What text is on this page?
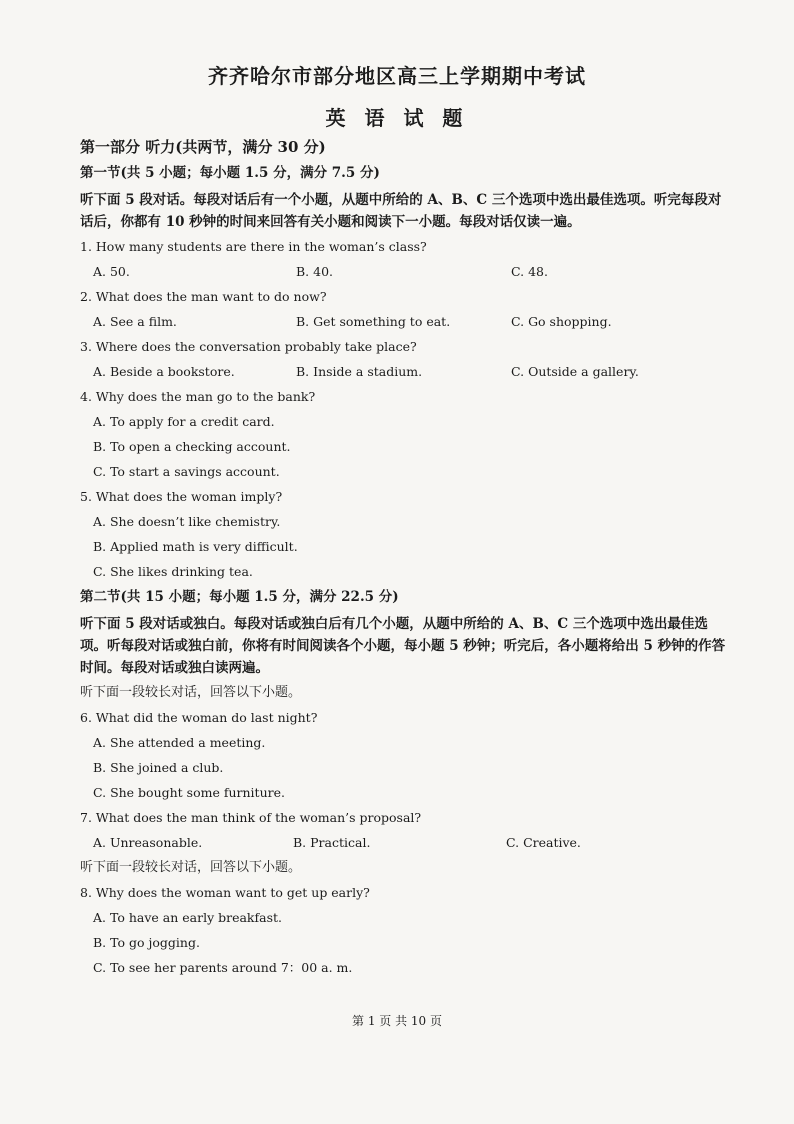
齐齐哈尔市部分地区高三上学期期中考试
英 语 试 题
第一部分 听力(共两节，满分 30 分)
第一节(共 5 小题；每小题 1.5 分，满分 7.5 分)
听下面 5 段对话。每段对话后有一个小题，从题中所给的 A、B、C 三个选项中选出最佳选项。听完每段对话后，你都有 10 秒钟的时间来回答有关小题和阅读下一小题。每段对话仅读一遍。
1. How many students are there in the woman’s class?
A. 50.	B. 40.	C. 48.
2. What does the man want to do now?
A. See a film.	B. Get something to eat.	C. Go shopping.
3. Where does the conversation probably take place?
A. Beside a bookstore.	B. Inside a stadium.	C. Outside a gallery.
4. Why does the man go to the bank?
A. To apply for a credit card.
B. To open a checking account.
C. To start a savings account.
5. What does the woman imply?
A. She doesn’t like chemistry.
B. Applied math is very difficult.
C. She likes drinking tea.
第二节(共 15 小题；每小题 1.5 分，满分 22.5 分)
听下面 5 段对话或独白。每段对话或独白后有几个小题，从题中所给的 A、B、C 三个选项中选出最佳选项。听每段对话或独白前，你将有时间阅读各个小题，每小题 5 秒钟；听完后，各小题将给出 5 秒钟的作答时间。每段对话或独白读两遍。
听下面一段较长对话，回答以下小题。
6. What did the woman do last night?
A. She attended a meeting.
B. She joined a club.
C. She bought some furniture.
7. What does the man think of the woman’s proposal?
A. Unreasonable.	B. Practical.	C. Creative.
听下面一段较长对话，回答以下小题。
8. Why does the woman want to get up early?
A. To have an early breakfast.
B. To go jogging.
C. To see her parents around 7：00 a. m.
第 1 页 共 10 页
